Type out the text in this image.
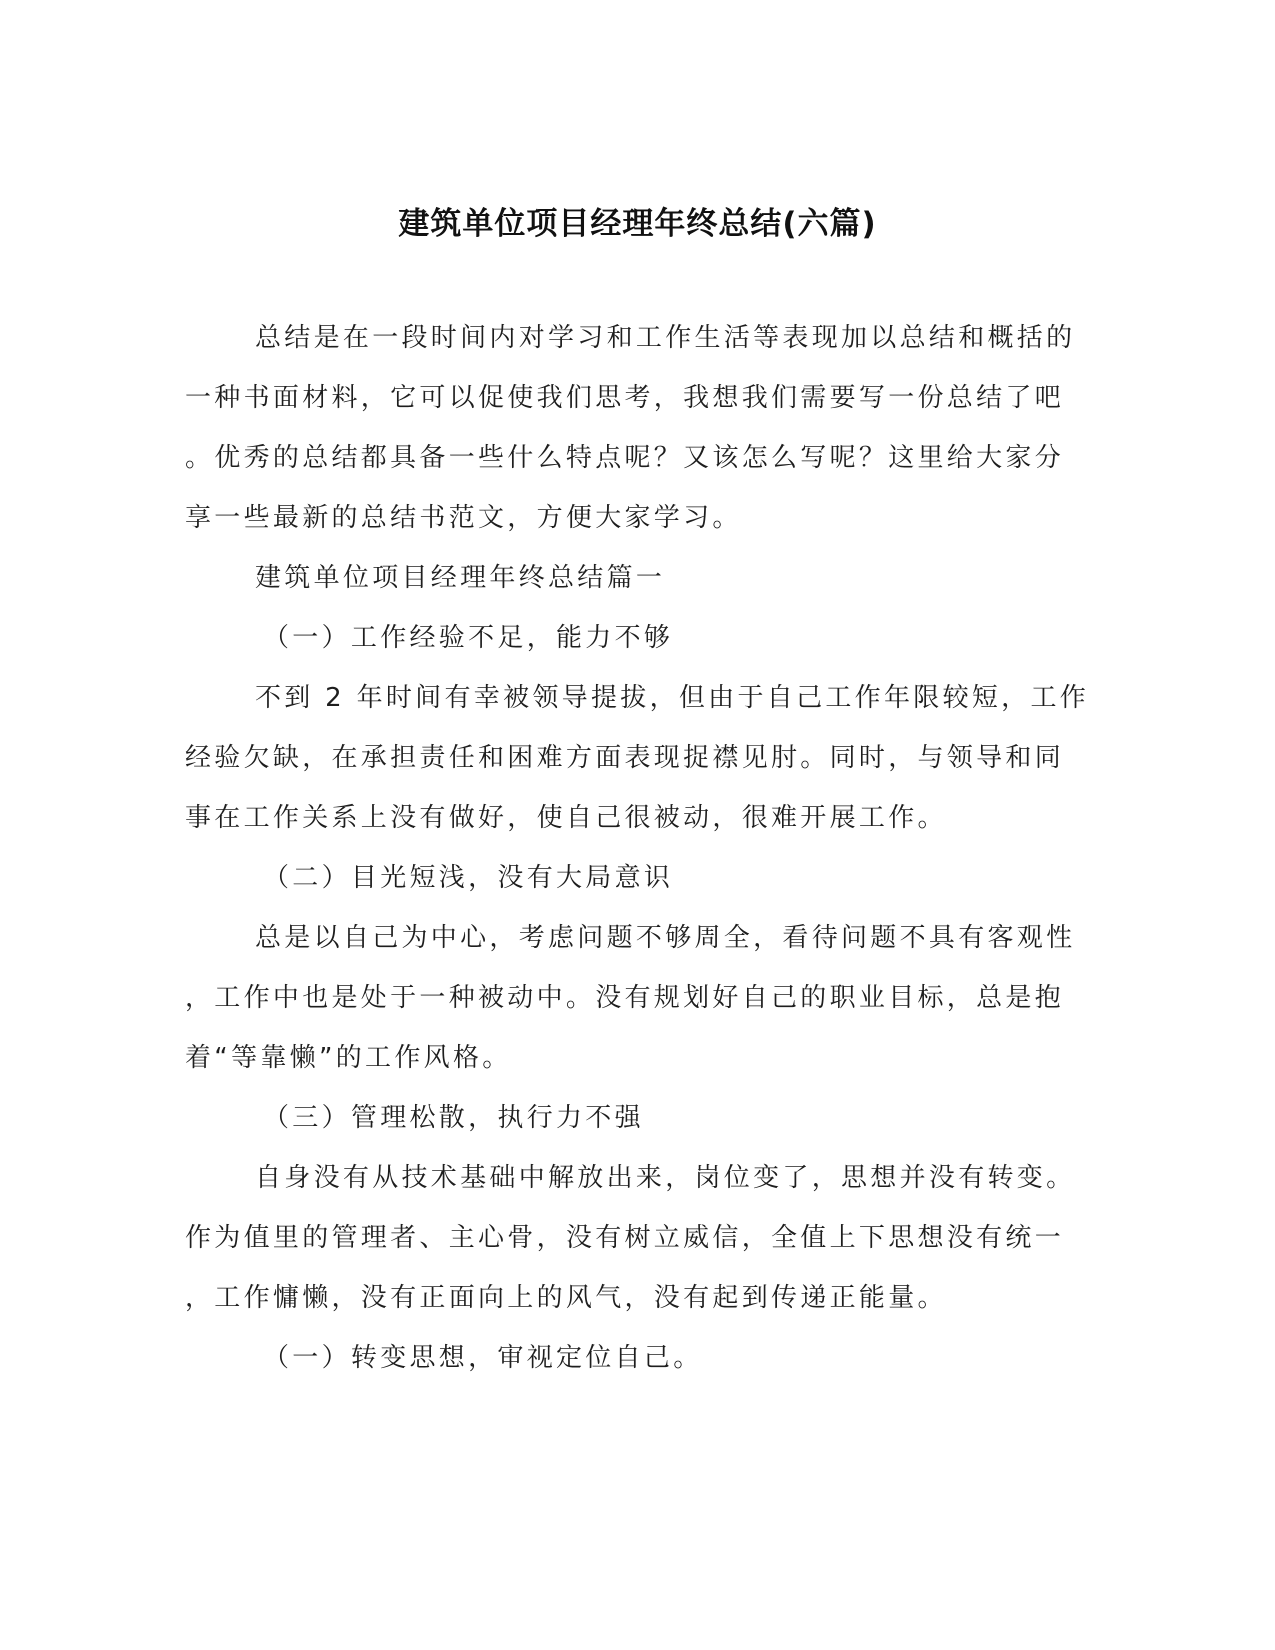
建筑单位项目经理年终总结(六篇)
总结是在一段时间内对学习和工作生活等表现加以总结和概括的
一种书面材料，它可以促使我们思考，我想我们需要写一份总结了吧
。优秀的总结都具备一些什么特点呢？又该怎么写呢？这里给大家分
享一些最新的总结书范文，方便大家学习。
建筑单位项目经理年终总结篇一
（一）工作经验不足，能力不够
不到 2 年时间有幸被领导提拔，但由于自己工作年限较短，工作
经验欠缺，在承担责任和困难方面表现捉襟见肘。同时，与领导和同
事在工作关系上没有做好，使自己很被动，很难开展工作。
（二）目光短浅，没有大局意识
总是以自己为中心，考虑问题不够周全，看待问题不具有客观性
，工作中也是处于一种被动中。没有规划好自己的职业目标，总是抱
着“等靠懒”的工作风格。
（三）管理松散，执行力不强
自身没有从技术基础中解放出来，岗位变了，思想并没有转变。
作为值里的管理者、主心骨，没有树立威信，全值上下思想没有统一
，工作慵懒，没有正面向上的风气，没有起到传递正能量。
（一）转变思想，审视定位自己。
